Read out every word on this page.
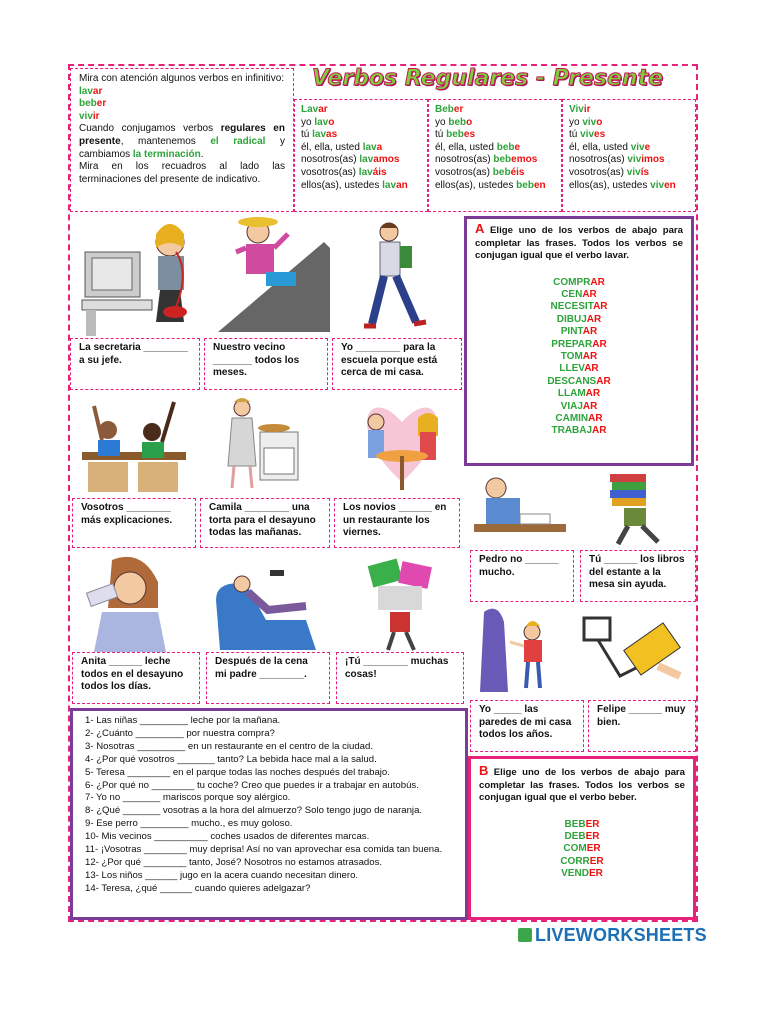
Verbos Regulares - Presente
Mira con atención algunos verbos en infinitivo:
lavar
beber
vivir
Cuando conjugamos verbos regulares en presente, mantenemos el radical y cambiamos la terminación.
Mira en los recuadros al lado las terminaciones del presente de indicativo.
Lavar
yo lavo
tú lavas
él, ella, usted lava
nosotros(as) lavamos
vosotros(as) laváis
ellos(as), ustedes lavan
Beber
yo bebo
tú bebes
él, ella, usted bebe
nosotros(as) bebemos
vosotros(as) bebéis
ellos(as), ustedes beben
Vivir
yo vivo
tú vives
él, ella, usted vive
nosotros(as) vivimos
vosotros(as) vivís
ellos(as), ustedes viven
A Elige uno de los verbos de abajo para completar las frases. Todos los verbos se conjugan igual que el verbo lavar.
COMPRAR
CENAR
NECESITAR
DIBUJAR
PINTAR
PREPARAR
TOMAR
LLEVAR
DESCANSAR
LLAMAR
VIAJAR
CAMINAR
TRABAJAR
La secretaria ________ a su jefe.
Nuestro vecino _______ todos los meses.
Yo ________ para la escuela porque está cerca de mi casa.
Vosotros ________ más explicaciones.
Camila ________ una torta para el desayuno todas las mañanas.
Los novios ______ en un restaurante los viernes.
Pedro no ______ mucho.
Tú ______ los libros del estante a la mesa sin ayuda.
Anita ______ leche todos en el desayuno todos los días.
Después de la cena mi padre ________.
¡Tú ________ muchas cosas!
Yo _____ las paredes de mi casa todos los años.
Felipe ______ muy bien.
1- Las niñas _________ leche por la mañana.
2- ¿Cuánto _________ por nuestra compra?
3- Nosotras _________ en un restaurante en el centro de la ciudad.
4- ¿Por qué vosotros _______ tanto? La bebida hace mal a la salud.
5- Teresa ________ en el parque todas las noches después del trabajo.
6- ¿Por qué no ________ tu coche? Creo que puedes ir a trabajar en autobús.
7- Yo no _______ mariscos porque soy alérgico.
8- ¿Qué _______ vosotras a la hora del almuerzo? Solo tengo jugo de naranja.
9- Ese perro _________ mucho., es muy goloso.
10- Mis vecinos __________ coches usados de diferentes marcas.
11- ¡Vosotras ________ muy deprisa! Así no van aprovechar esa comida tan buena.
12- ¿Por qué ________ tanto, José? Nosotros no estamos atrasados.
13- Los niños ______ jugo en la acera cuando necesitan dinero.
14- Teresa, ¿qué ______ cuando quieres adelgazar?
B Elige uno de los verbos de abajo para completar las frases. Todos los verbos se conjugan igual que el verbo beber.
BEBER
DEBER
COMER
CORRER
VENDER
LIVEWORKSHEETS
